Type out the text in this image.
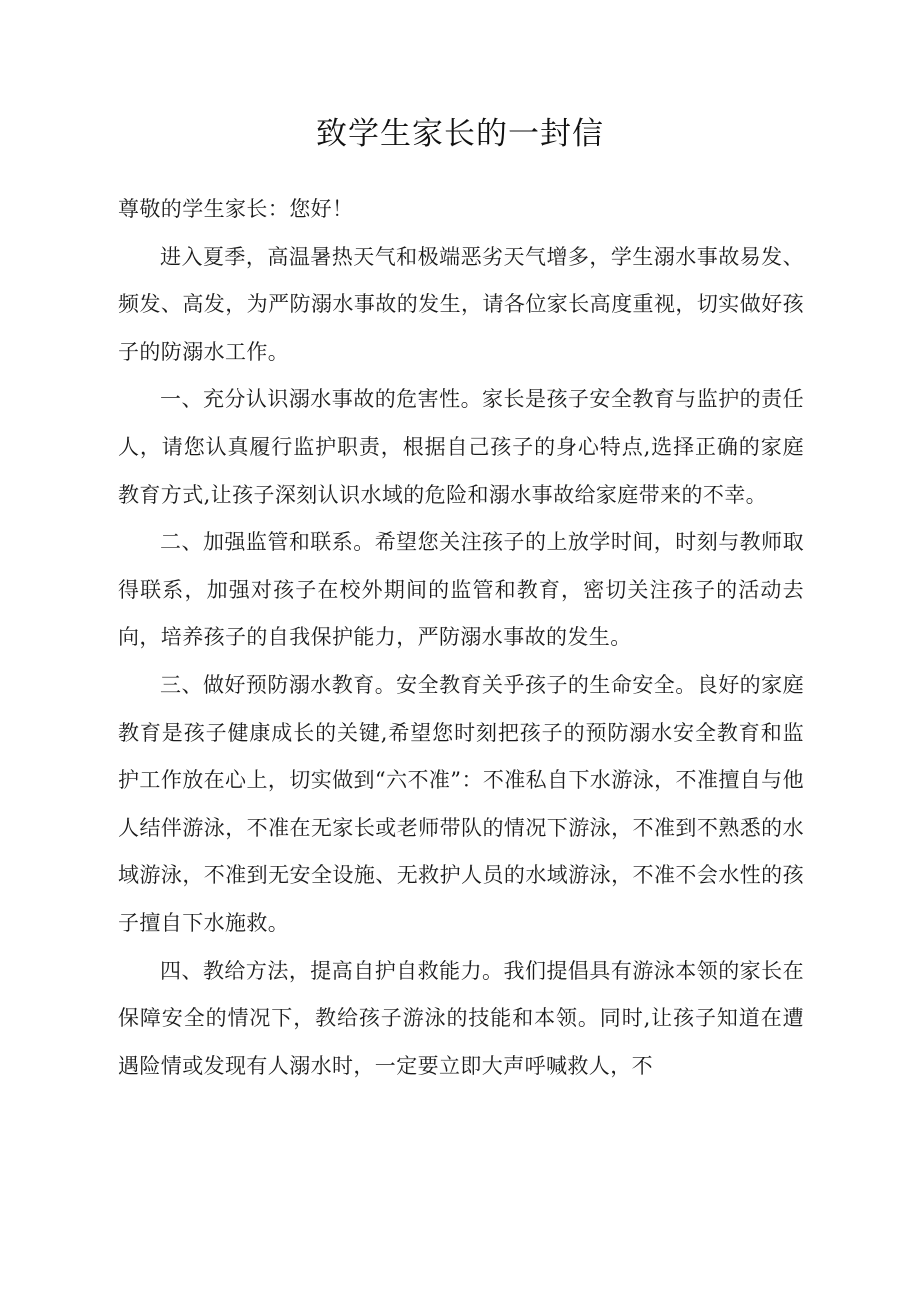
致学生家长的一封信

尊敬的学生家长：您好！

进入夏季，高温暑热天气和极端恶劣天气增多，学生溺水事故易发、频发、高发，为严防溺水事故的发生，请各位家长高度重视，切实做好孩子的防溺水工作。

一、充分认识溺水事故的危害性。家长是孩子安全教育与监护的责任人，请您认真履行监护职责，根据自己孩子的身心特点,选择正确的家庭教育方式,让孩子深刻认识水域的危险和溺水事故给家庭带来的不幸。

二、加强监管和联系。希望您关注孩子的上放学时间，时刻与教师取得联系，加强对孩子在校外期间的监管和教育，密切关注孩子的活动去向，培养孩子的自我保护能力，严防溺水事故的发生。

三、做好预防溺水教育。安全教育关乎孩子的生命安全。良好的家庭教育是孩子健康成长的关键,希望您时刻把孩子的预防溺水安全教育和监护工作放在心上，切实做到“六不准”：不准私自下水游泳，不准擅自与他人结伴游泳，不准在无家长或老师带队的情况下游泳，不准到不熟悉的水域游泳，不准到无安全设施、无救护人员的水域游泳，不准不会水性的孩子擅自下水施救。

四、教给方法，提高自护自救能力。我们提倡具有游泳本领的家长在保障安全的情况下，教给孩子游泳的技能和本领。同时,让孩子知道在遭遇险情或发现有人溺水时，一定要立即大声呼喊救人，不
